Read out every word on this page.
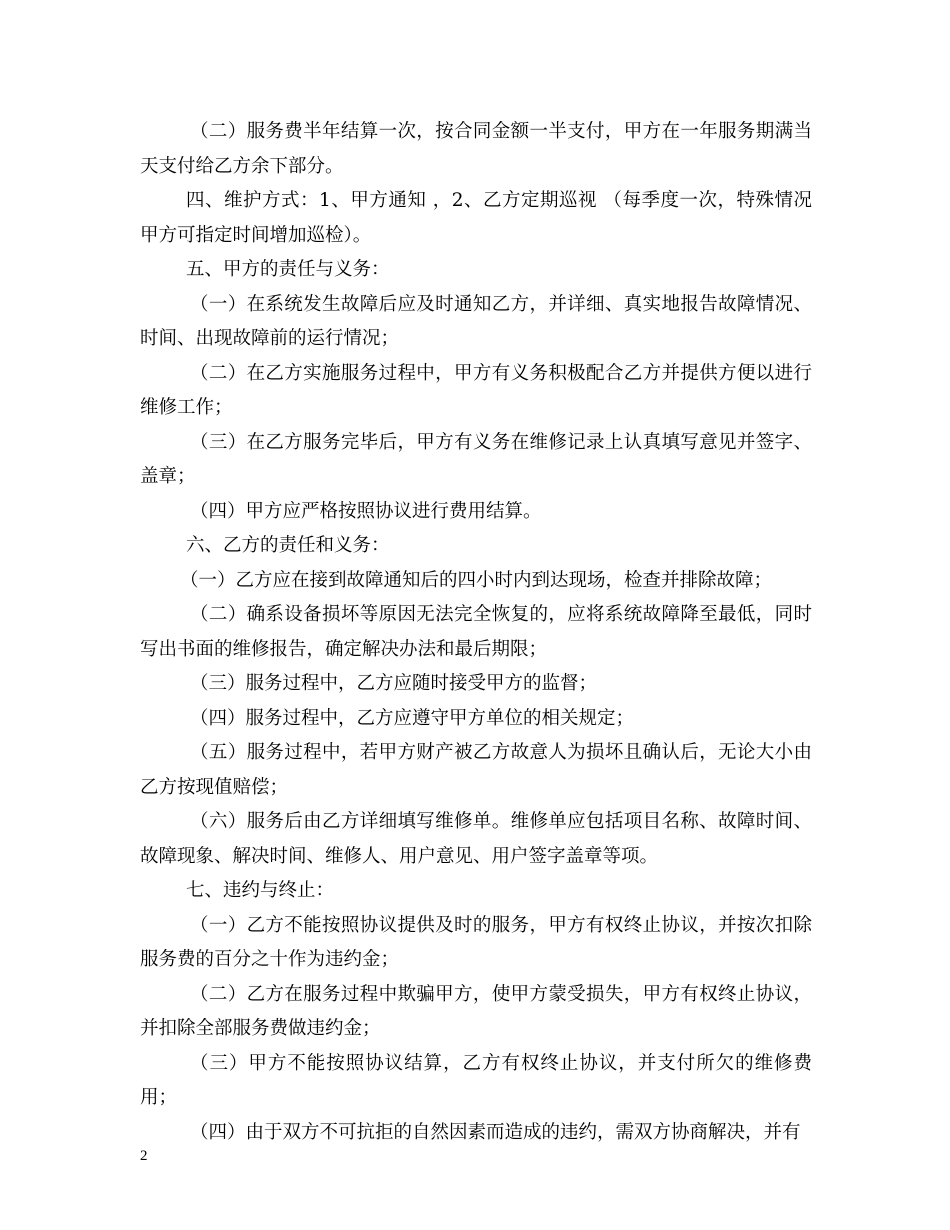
（二）服务费半年结算一次，按合同金额一半支付，甲方在一年服务期满当天支付给乙方余下部分。

四、维护方式：1、甲方通知 ，2、乙方定期巡视 （每季度一次，特殊情况甲方可指定时间增加巡检）。

五、甲方的责任与义务：

（一）在系统发生故障后应及时通知乙方，并详细、真实地报告故障情况、时间、出现故障前的运行情况；

（二）在乙方实施服务过程中，甲方有义务积极配合乙方并提供方便以进行维修工作；

（三）在乙方服务完毕后，甲方有义务在维修记录上认真填写意见并签字、盖章；

（四）甲方应严格按照协议进行费用结算。

六、乙方的责任和义务：

（一）乙方应在接到故障通知后的四小时内到达现场，检查并排除故障；

（二）确系设备损坏等原因无法完全恢复的，应将系统故障降至最低，同时写出书面的维修报告，确定解决办法和最后期限；

（三）服务过程中，乙方应随时接受甲方的监督；

（四）服务过程中，乙方应遵守甲方单位的相关规定；

（五）服务过程中，若甲方财产被乙方故意人为损坏且确认后，无论大小由乙方按现值赔偿；

（六）服务后由乙方详细填写维修单。维修单应包括项目名称、故障时间、故障现象、解决时间、维修人、用户意见、用户签字盖章等项。

七、违约与终止：

（一）乙方不能按照协议提供及时的服务，甲方有权终止协议，并按次扣除服务费的百分之十作为违约金；

（二）乙方在服务过程中欺骗甲方，使甲方蒙受损失，甲方有权终止协议，并扣除全部服务费做违约金；

（三）甲方不能按照协议结算，乙方有权终止协议，并支付所欠的维修费用；

（四）由于双方不可抗拒的自然因素而造成的违约，需双方协商解决，并有

2
